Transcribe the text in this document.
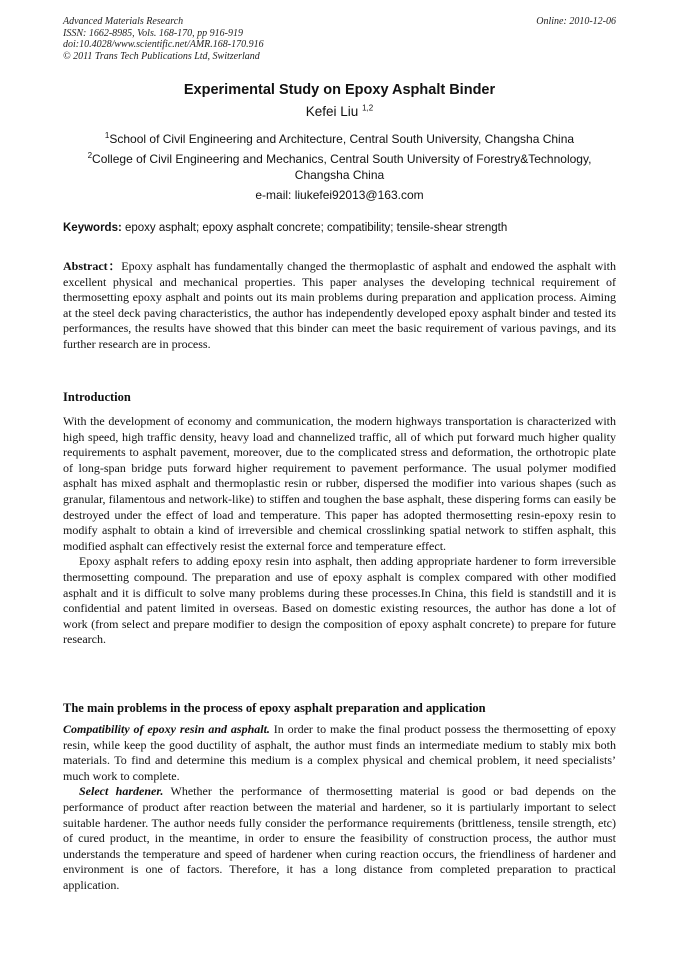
Advanced Materials Research
ISSN: 1662-8985, Vols. 168-170, pp 916-919
doi:10.4028/www.scientific.net/AMR.168-170.916
© 2011 Trans Tech Publications Ltd, Switzerland
Online: 2010-12-06
Experimental Study on Epoxy Asphalt Binder
Kefei Liu $^{1,2}$
$^1$School of Civil Engineering and Architecture, Central South University, Changsha China
$^2$College of Civil Engineering and Mechanics, Central South University of Forestry&Technology, Changsha China
e-mail: liukefei92013@163.com
Keywords: epoxy asphalt; epoxy asphalt concrete; compatibility; tensile-shear strength

Abstract：Epoxy asphalt has fundamentally changed the thermoplastic of asphalt and endowed the asphalt with excellent physical and mechanical properties. This paper analyses the developing technical requirement of thermosetting epoxy asphalt and points out its main problems during preparation and application process. Aiming at the steel deck paving characteristics, the author has independently developed epoxy asphalt binder and tested its performances, the results have showed that this binder can meet the basic requirement of various pavings, and its further research are in process.

Introduction

With the development of economy and communication, the modern highways transportation is characterized with high speed, high traffic density, heavy load and channelized traffic, all of which put forward much higher quality requirements to asphalt pavement, moreover, due to the complicated stress and deformation, the orthotropic plate of long-span bridge puts forward higher requirement to pavement performance. The usual polymer modified asphalt has mixed asphalt and thermoplastic resin or rubber, dispersed the modifier into various shapes (such as granular, filamentous and network-like) to stiffen and toughen the base asphalt, these dispering forms can easily be destroyed under the effect of load and temperature. This paper has adopted thermosetting resin-epoxy resin to modify asphalt to obtain a kind of irreversible and chemical crosslinking spatial network to stiffen asphalt, this modified asphalt can effectively resist the external force and temperature effect.

Epoxy asphalt refers to adding epoxy resin into asphalt, then adding appropriate hardener to form irreversible thermosetting compound. The preparation and use of epoxy asphalt is complex compared with other modified asphalt and it is difficult to solve many problems during these processes.In China, this field is standstill and it is confidential and patent limited in overseas. Based on domestic existing resources, the author has done a lot of work (from select and prepare modifier to design the composition of epoxy asphalt concrete) to prepare for future research.

The main problems in the process of epoxy asphalt preparation and application

Compatibility of epoxy resin and asphalt. In order to make the final product possess the thermosetting of epoxy resin, while keep the good ductility of asphalt, the author must finds an intermediate medium to stably mix both materials. To find and determine this medium is a complex physical and chemical problem, it need specialists’ much work to complete.

Select hardener. Whether the performance of thermosetting material is good or bad depends on the performance of product after reaction between the material and hardener, so it is partiularly important to select suitable hardener. The author needs fully consider the performance requirements (brittleness, tensile strength, etc) of cured product, in the meantime, in order to ensure the feasibility of construction process, the author must understands the temperature and speed of hardener when curing reaction occurs, the friendliness of hardener and environment is one of factors. Therefore, it has a long distance from completed preparation to practical application.
